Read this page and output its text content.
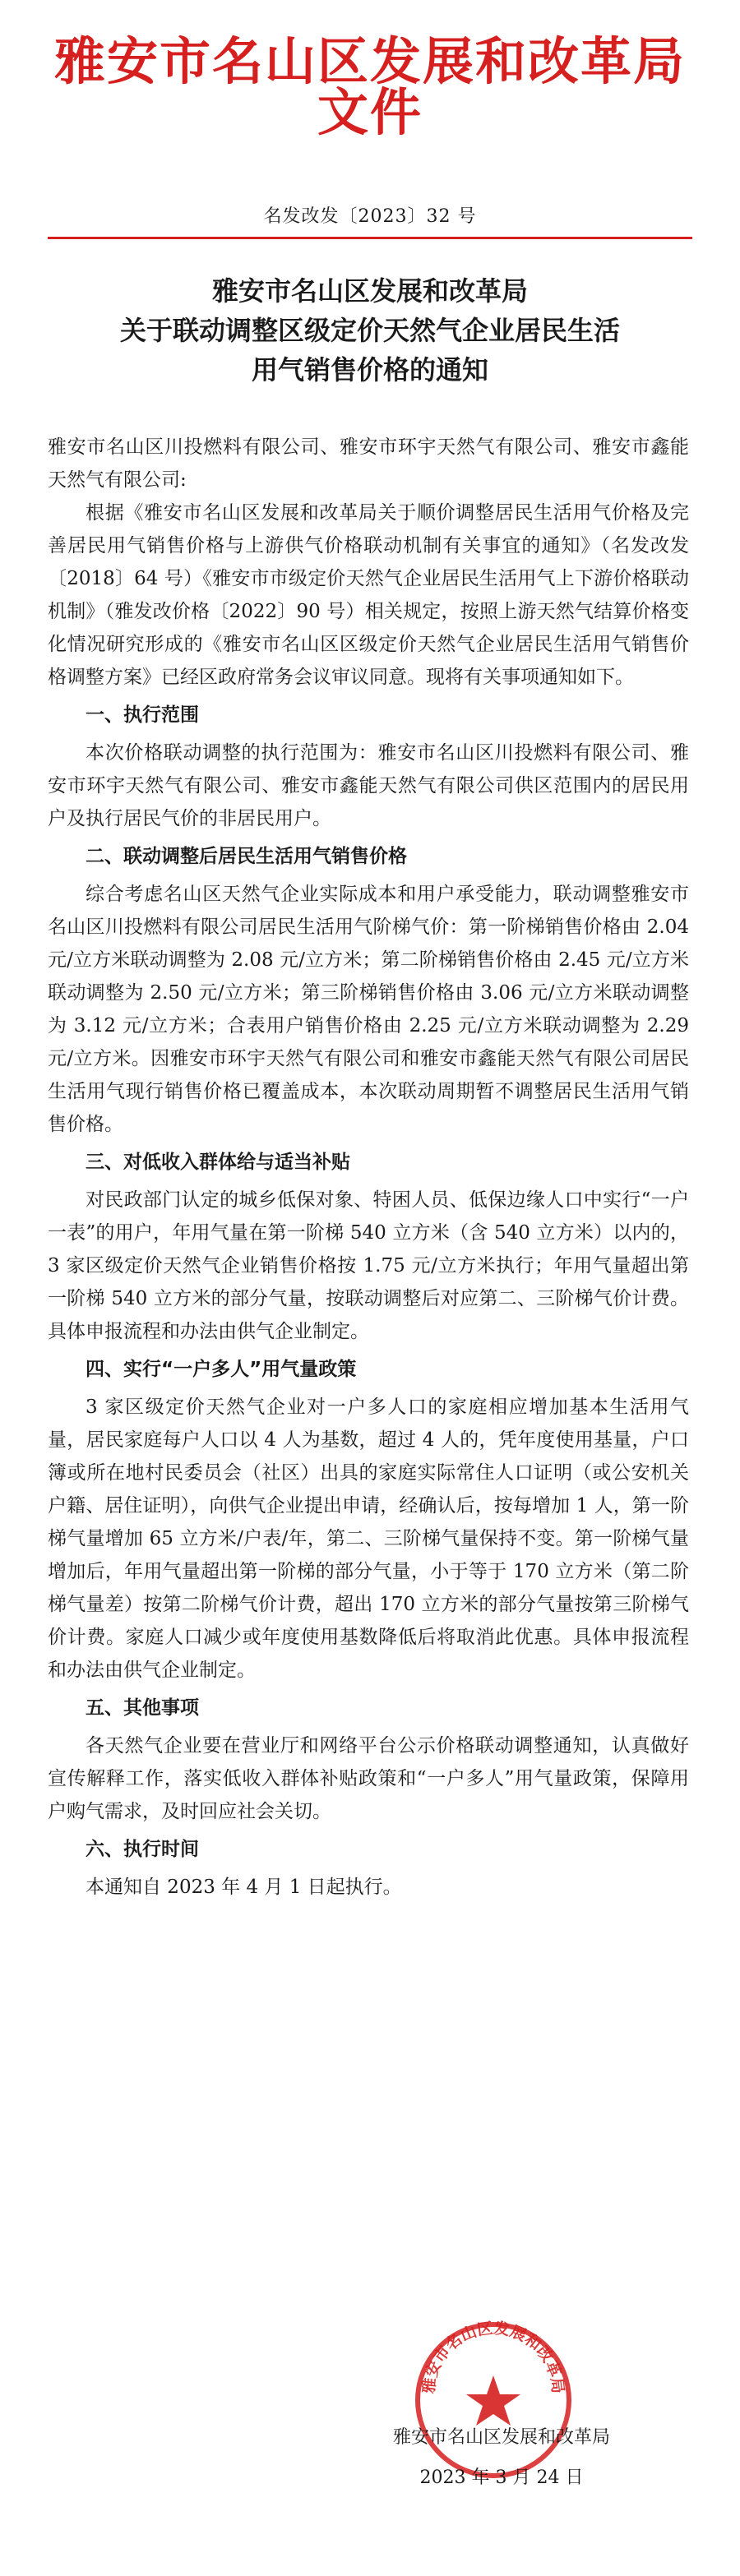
雅安市名山区发展和改革局文件
名发改发〔2023〕32 号
雅安市名山区发展和改革局
关于联动调整区级定价天然气企业居民生活
用气销售价格的通知

雅安市名山区川投燃料有限公司、雅安市环宇天然气有限公司、雅安市鑫能天然气有限公司:

根据《雅安市名山区发展和改革局关于顺价调整居民生活用气价格及完善居民用气销售价格与上游供气价格联动机制有关事宜的通知》（名发改发〔2018〕64 号）《雅安市市级定价天然气企业居民生活用气上下游价格联动机制》（雅发改价格〔2022〕90 号）相关规定，按照上游天然气结算价格变化情况研究形成的《雅安市名山区区级定价天然气企业居民生活用气销售价格调整方案》已经区政府常务会议审议同意。现将有关事项通知如下。

一、执行范围

本次价格联动调整的执行范围为：雅安市名山区川投燃料有限公司、雅安市环宇天然气有限公司、雅安市鑫能天然气有限公司供区范围内的居民用户及执行居民气价的非居民用户。

二、联动调整后居民生活用气销售价格

综合考虑名山区天然气企业实际成本和用户承受能力，联动调整雅安市名山区川投燃料有限公司居民生活用气阶梯气价：第一阶梯销售价格由 2.04 元/立方米联动调整为 2.08 元/立方米；第二阶梯销售价格由 2.45 元/立方米联动调整为 2.50 元/立方米；第三阶梯销售价格由 3.06 元/立方米联动调整为 3.12 元/立方米；合表用户销售价格由 2.25 元/立方米联动调整为 2.29 元/立方米。因雅安市环宇天然气有限公司和雅安市鑫能天然气有限公司居民生活用气现行销售价格已覆盖成本，本次联动周期暂不调整居民生活用气销售价格。

三、对低收入群体给与适当补贴

对民政部门认定的城乡低保对象、特困人员、低保边缘人口中实行“一户一表”的用户，年用气量在第一阶梯 540 立方米（含 540 立方米）以内的，3 家区级定价天然气企业销售价格按 1.75 元/立方米执行；年用气量超出第一阶梯 540 立方米的部分气量，按联动调整后对应第二、三阶梯气价计费。具体申报流程和办法由供气企业制定。

四、实行“一户多人”用气量政策

3 家区级定价天然气企业对一户多人口的家庭相应增加基本生活用气量，居民家庭每户人口以 4 人为基数，超过 4 人的，凭年度使用基量，户口簿或所在地村民委员会（社区）出具的家庭实际常住人口证明（或公安机关户籍、居住证明），向供气企业提出申请，经确认后，按每增加 1 人，第一阶梯气量增加 65 立方米/户表/年，第二、三阶梯气量保持不变。第一阶梯气量增加后，年用气量超出第一阶梯的部分气量，小于等于 170 立方米（第二阶梯气量差）按第二阶梯气价计费，超出 170 立方米的部分气量按第三阶梯气价计费。家庭人口减少或年度使用基数降低后将取消此优惠。具体申报流程和办法由供气企业制定。

五、其他事项

各天然气企业要在营业厅和网络平台公示价格联动调整通知，认真做好宣传解释工作，落实低收入群体补贴政策和“一户多人”用气量政策，保障用户购气需求，及时回应社会关切。

六、执行时间

本通知自 2023 年 4 月 1 日起执行。

雅安市名山区发展和改革局
雅安市名山区发展和改革局
2023 年 3 月 24 日
